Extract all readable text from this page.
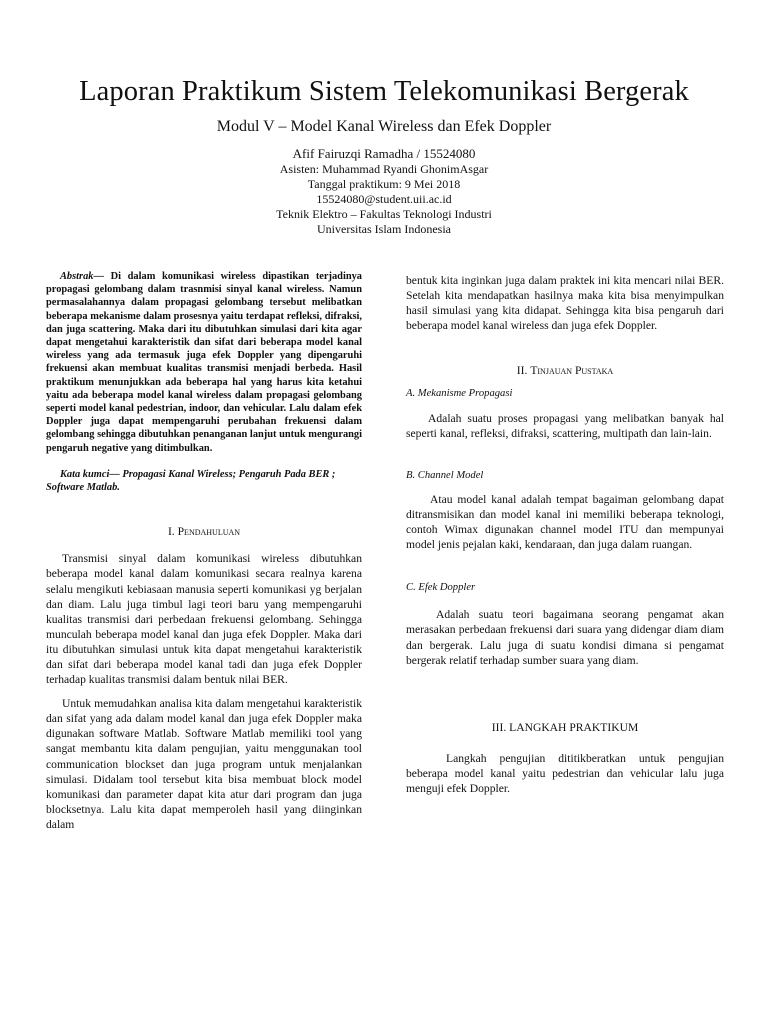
Laporan Praktikum Sistem Telekomunikasi Bergerak
Modul V – Model Kanal Wireless dan Efek Doppler
Afif Fairuzqi Ramadha / 15524080
Asisten: Muhammad Ryandi GhonimAsgar
Tanggal praktikum: 9 Mei 2018
15524080@student.uii.ac.id
Teknik Elektro – Fakultas Teknologi Industri
Universitas Islam Indonesia

Abstrak— Di dalam komunikasi wireless dipastikan terjadinya propagasi gelombang dalam trasnmisi sinyal kanal wireless. Namun permasalahannya dalam propagasi gelombang tersebut melibatkan beberapa mekanisme dalam prosesnya yaitu terdapat refleksi, difraksi, dan juga scattering. Maka dari itu dibutuhkan simulasi dari kita agar dapat mengetahui karakteristik dan sifat dari beberapa model kanal wireless yang ada termasuk juga efek Doppler yang dipengaruhi frekuensi akan membuat kualitas transmisi menjadi berbeda. Hasil praktikum menunjukkan ada beberapa hal yang harus kita ketahui yaitu ada beberapa model kanal wireless dalam propagasi gelombang seperti model kanal pedestrian, indoor, dan vehicular. Lalu dalam efek Doppler juga dapat mempengaruhi perubahan frekuensi dalam gelombang sehingga dibutuhkan penanganan lanjut untuk mengurangi pengaruh negative yang ditimbulkan.

Kata kumci— Propagasi Kanal Wireless; Pengaruh Pada BER ; Software Matlab.

I. Pendahuluan

Transmisi sinyal dalam komunikasi wireless dibutuhkan beberapa model kanal dalam komunikasi secara realnya karena selalu mengikuti kebiasaan manusia seperti komunikasi yg berjalan dan diam. Lalu juga timbul lagi teori baru yang mempengaruhi kualitas transmisi dari perbedaan frekuensi gelombang. Sehingga munculah beberapa model kanal dan juga efek Doppler. Maka dari itu dibutuhkan simulasi untuk kita dapat mengetahui karakteristik dan sifat dari beberapa model kanal tadi dan juga efek Doppler terhadap kualitas transmisi dalam bentuk nilai BER.

Untuk memudahkan analisa kita dalam mengetahui karakteristik dan sifat yang ada dalam model kanal dan juga efek Doppler maka digunakan software Matlab. Software Matlab memiliki tool yang sangat membantu kita dalam pengujian, yaitu menggunakan tool communication blockset dan juga program untuk menjalankan simulasi. Didalam tool tersebut kita bisa membuat block model komunikasi dan parameter dapat kita atur dari program dan juga blocksetnya. Lalu kita dapat memperoleh hasil yang diinginkan dalam

bentuk kita inginkan juga dalam praktek ini kita mencari nilai BER. Setelah kita mendapatkan hasilnya maka kita bisa menyimpulkan hasil simulasi yang kita didapat. Sehingga kita bisa pengaruh dari beberapa model kanal wireless dan juga efek Doppler.

II. Tinjauan Pustaka

A. Mekanisme Propagasi

Adalah suatu proses propagasi yang melibatkan banyak hal seperti kanal, refleksi, difraksi, scattering, multipath dan lain-lain.

B. Channel Model

Atau model kanal adalah tempat bagaiman gelombang dapat ditransmisikan dan model kanal ini memiliki beberapa teknologi, contoh Wimax digunakan channel model ITU dan mempunyai model jenis pejalan kaki, kendaraan, dan juga dalam ruangan.

C. Efek Doppler

Adalah suatu teori bagaimana seorang pengamat akan merasakan perbedaan frekuensi dari suara yang didengar diam diam dan bergerak. Lalu juga di suatu kondisi dimana si pengamat bergerak relatif terhadap sumber suara yang diam.

III. LANGKAH PRAKTIKUM

Langkah pengujian dititikberatkan untuk pengujian beberapa model kanal yaitu pedestrian dan vehicular lalu juga menguji efek Doppler.
